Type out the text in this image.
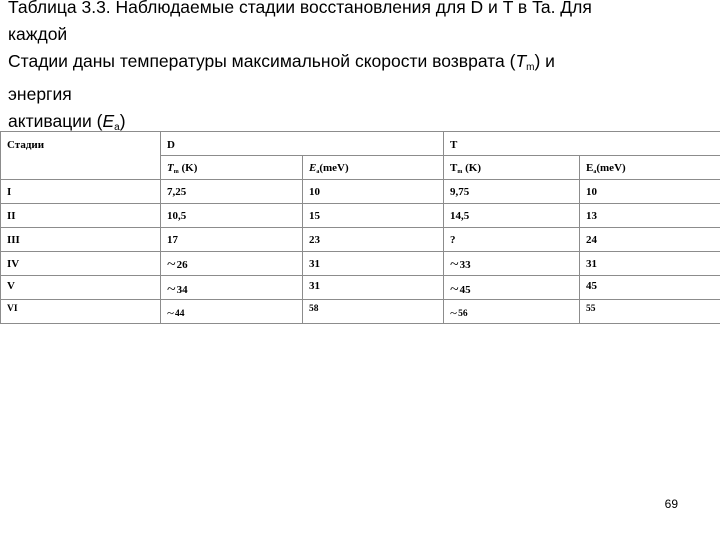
Таблица 3.3. Наблюдаемые стадии восстановления для D и T в Ta. Для
каждой
Стадии даны температуры максимальной скорости возврата (Tm) и
энергия
активации (Ea)
Стадии	D		T	
	Tm (K)	Ea(meV)	Tm (K)	Ea(meV)
I	7,25	10	9,75	10
II	10,5	15	14,5	13
III	17	23	?	24
IV	~26	31	~33	31
V	~34	31	~45	45
VI	~44	58	~56	55
69
